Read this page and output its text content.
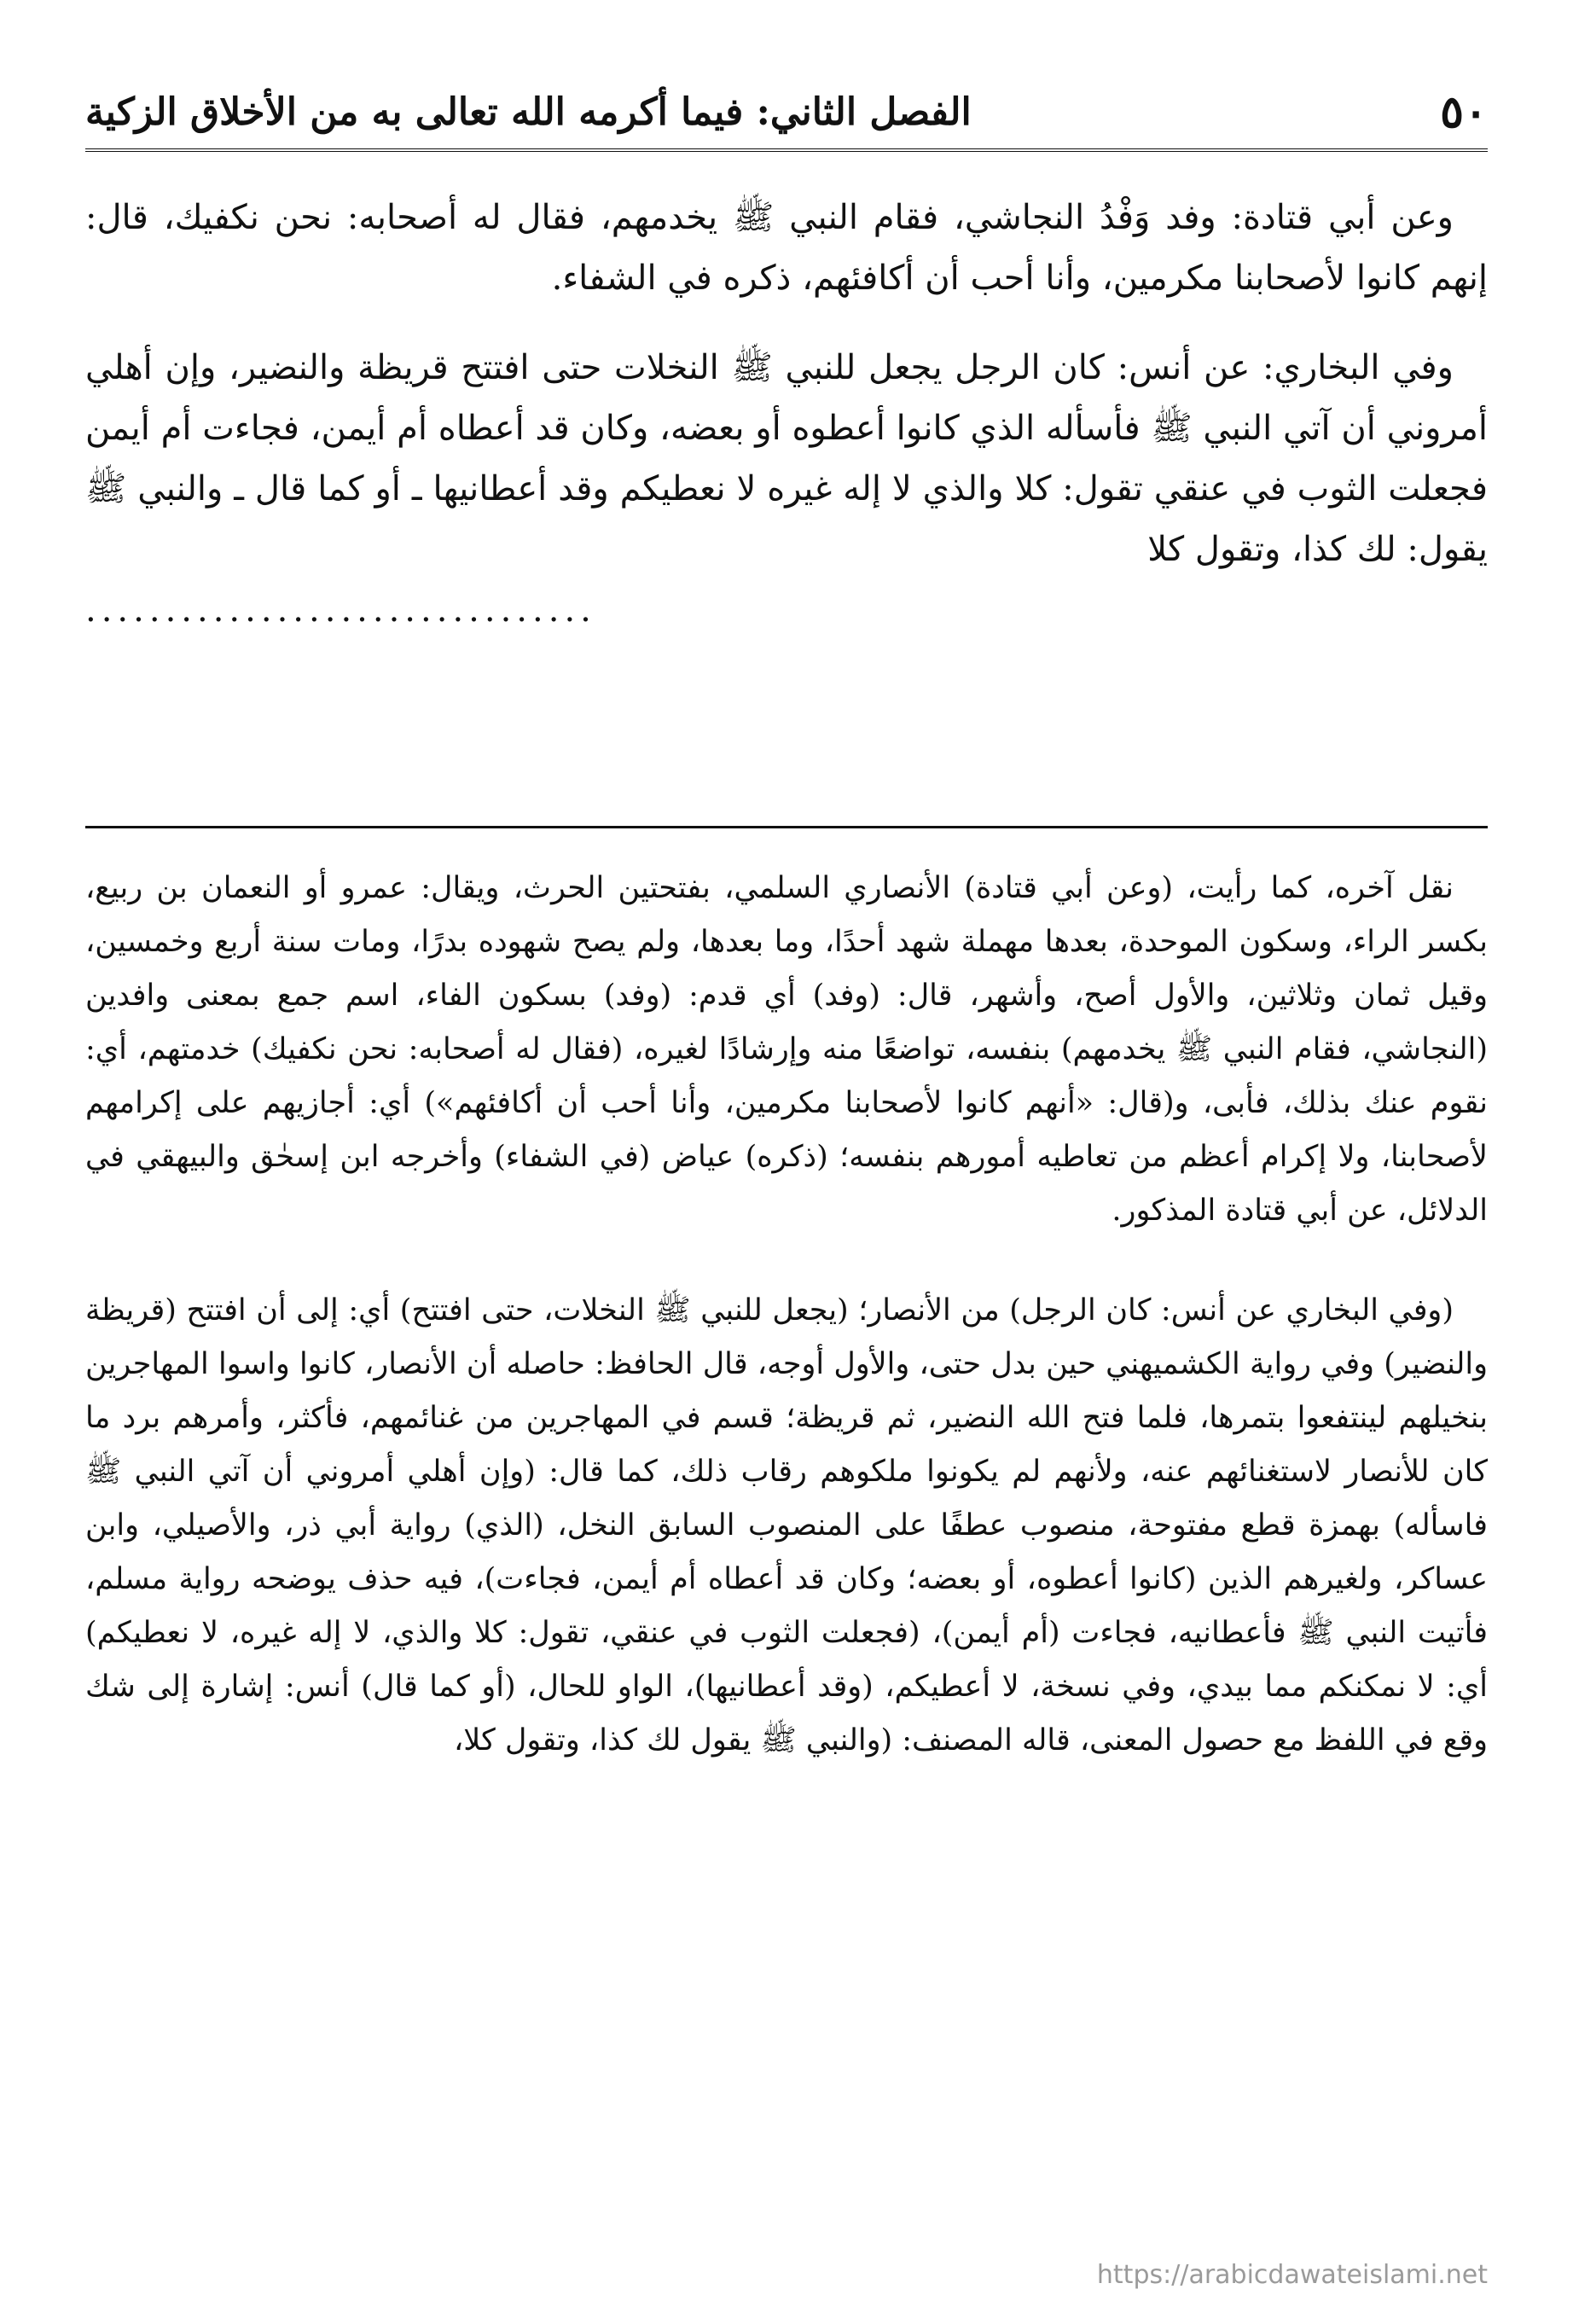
٥٠
الفصل الثاني: فيما أكرمه الله تعالى به من الأخلاق الزكية

وعن أبي قتادة: وفد وَفْدُ النجاشي، فقام النبي ﷺ يخدمهم، فقال له أصحابه: نحن نكفيك، قال: إنهم كانوا لأصحابنا مكرمين، وأنا أحب أن أكافئهم، ذكره في الشفاء.

وفي البخاري: عن أنس: كان الرجل يجعل للنبي ﷺ النخلات حتى افتتح قريظة والنضير، وإن أهلي أمروني أن آتي النبي ﷺ فأسأله الذي كانوا أعطوه أو بعضه، وكان قد أعطاه أم أيمن، فجاءت أم أيمن فجعلت الثوب في عنقي تقول: كلا والذي لا إله غيره لا نعطيكم وقد أعطانيها ـ أو كما قال ـ والنبي ﷺ يقول: لك كذا، وتقول كلا
................................

نقل آخره، كما رأيت، (وعن أبي قتادة) الأنصاري السلمي، بفتحتين الحرث، ويقال: عمرو أو النعمان بن ربيع، بكسر الراء، وسكون الموحدة، بعدها مهملة شهد أحدًا، وما بعدها، ولم يصح شهوده بدرًا، ومات سنة أربع وخمسين، وقيل ثمان وثلاثين، والأول أصح، وأشهر، قال: (وفد) أي قدم: (وفد) بسكون الفاء، اسم جمع بمعنى وافدين (النجاشي، فقام النبي ﷺ يخدمهم) بنفسه، تواضعًا منه وإرشادًا لغيره، (فقال له أصحابه: نحن نكفيك) خدمتهم، أي: نقوم عنك بذلك، فأبى، و(قال: «أنهم كانوا لأصحابنا مكرمين، وأنا أحب أن أكافئهم») أي: أجازيهم على إكرامهم لأصحابنا، ولا إكرام أعظم من تعاطيه أمورهم بنفسه؛ (ذكره) عياض (في الشفاء) وأخرجه ابن إسحٰق والبيهقي في الدلائل، عن أبي قتادة المذكور.

(وفي البخاري عن أنس: كان الرجل) من الأنصار؛ (يجعل للنبي ﷺ النخلات، حتى افتتح) أي: إلى أن افتتح (قريظة والنضير) وفي رواية الكشميهني حين بدل حتى، والأول أوجه، قال الحافظ: حاصله أن الأنصار، كانوا واسوا المهاجرين بنخيلهم لينتفعوا بتمرها، فلما فتح الله النضير، ثم قريظة؛ قسم في المهاجرين من غنائمهم، فأكثر، وأمرهم برد ما كان للأنصار لاستغنائهم عنه، ولأنهم لم يكونوا ملكوهم رقاب ذلك، كما قال: (وإن أهلي أمروني أن آتي النبي ﷺ فاسأله) بهمزة قطع مفتوحة، منصوب عطفًا على المنصوب السابق النخل، (الذي) رواية أبي ذر، والأصيلي، وابن عساكر، ولغيرهم الذين (كانوا أعطوه، أو بعضه؛ وكان قد أعطاه أم أيمن، فجاءت)، فيه حذف يوضحه رواية مسلم، فأتيت النبي ﷺ فأعطانيه، فجاءت (أم أيمن)، (فجعلت الثوب في عنقي، تقول: كلا والذي، لا إله غيره، لا نعطيكم) أي: لا نمكنكم مما بيدي، وفي نسخة، لا أعطيكم، (وقد أعطانيها)، الواو للحال، (أو كما قال) أنس: إشارة إلى شك وقع في اللفظ مع حصول المعنى، قاله المصنف: (والنبي ﷺ يقول لك كذا، وتقول كلا،

https://arabicdawateislami.net
